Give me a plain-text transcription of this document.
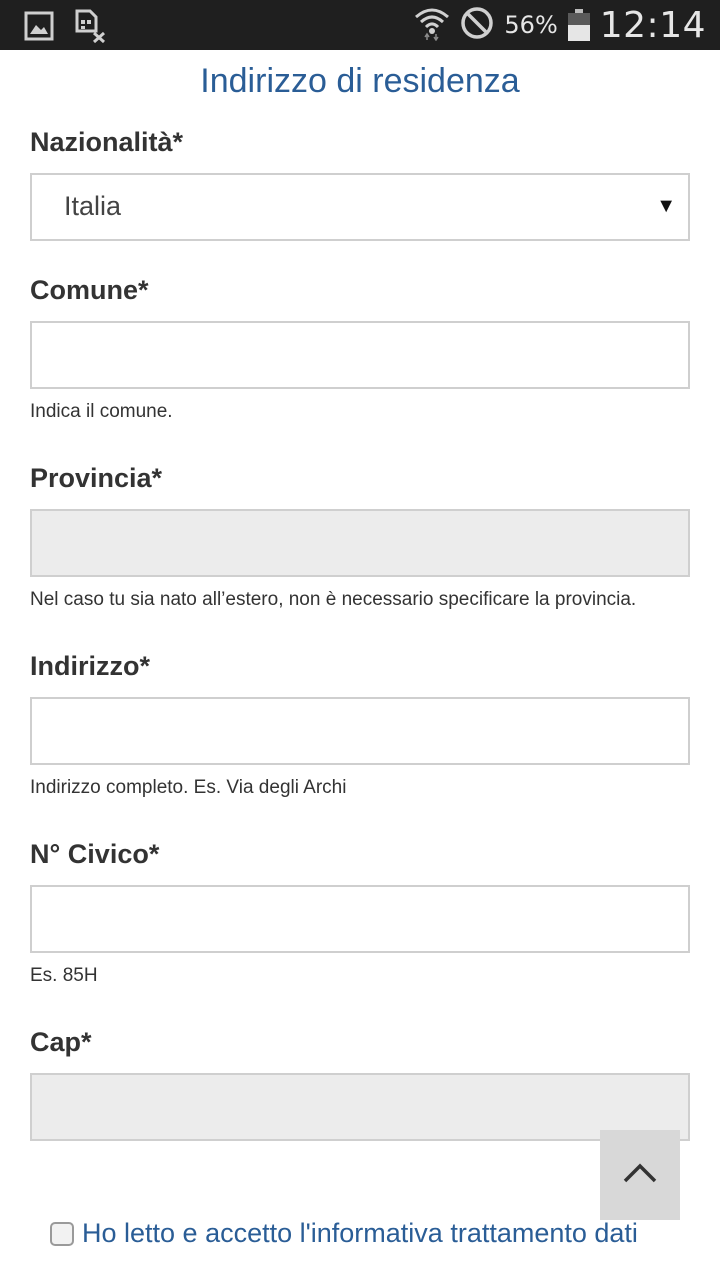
56% 12:14
Indirizzo di residenza
Nazionalità*
Italia	▼
Comune*
Indica il comune.
Provincia*
Nel caso tu sia nato all’estero, non è necessario specificare la provincia.
Indirizzo*
Indirizzo completo. Es. Via degli Archi
N° Civico*
Es. 85H
Cap*
Ho letto e accetto l'informativa trattamento dati
